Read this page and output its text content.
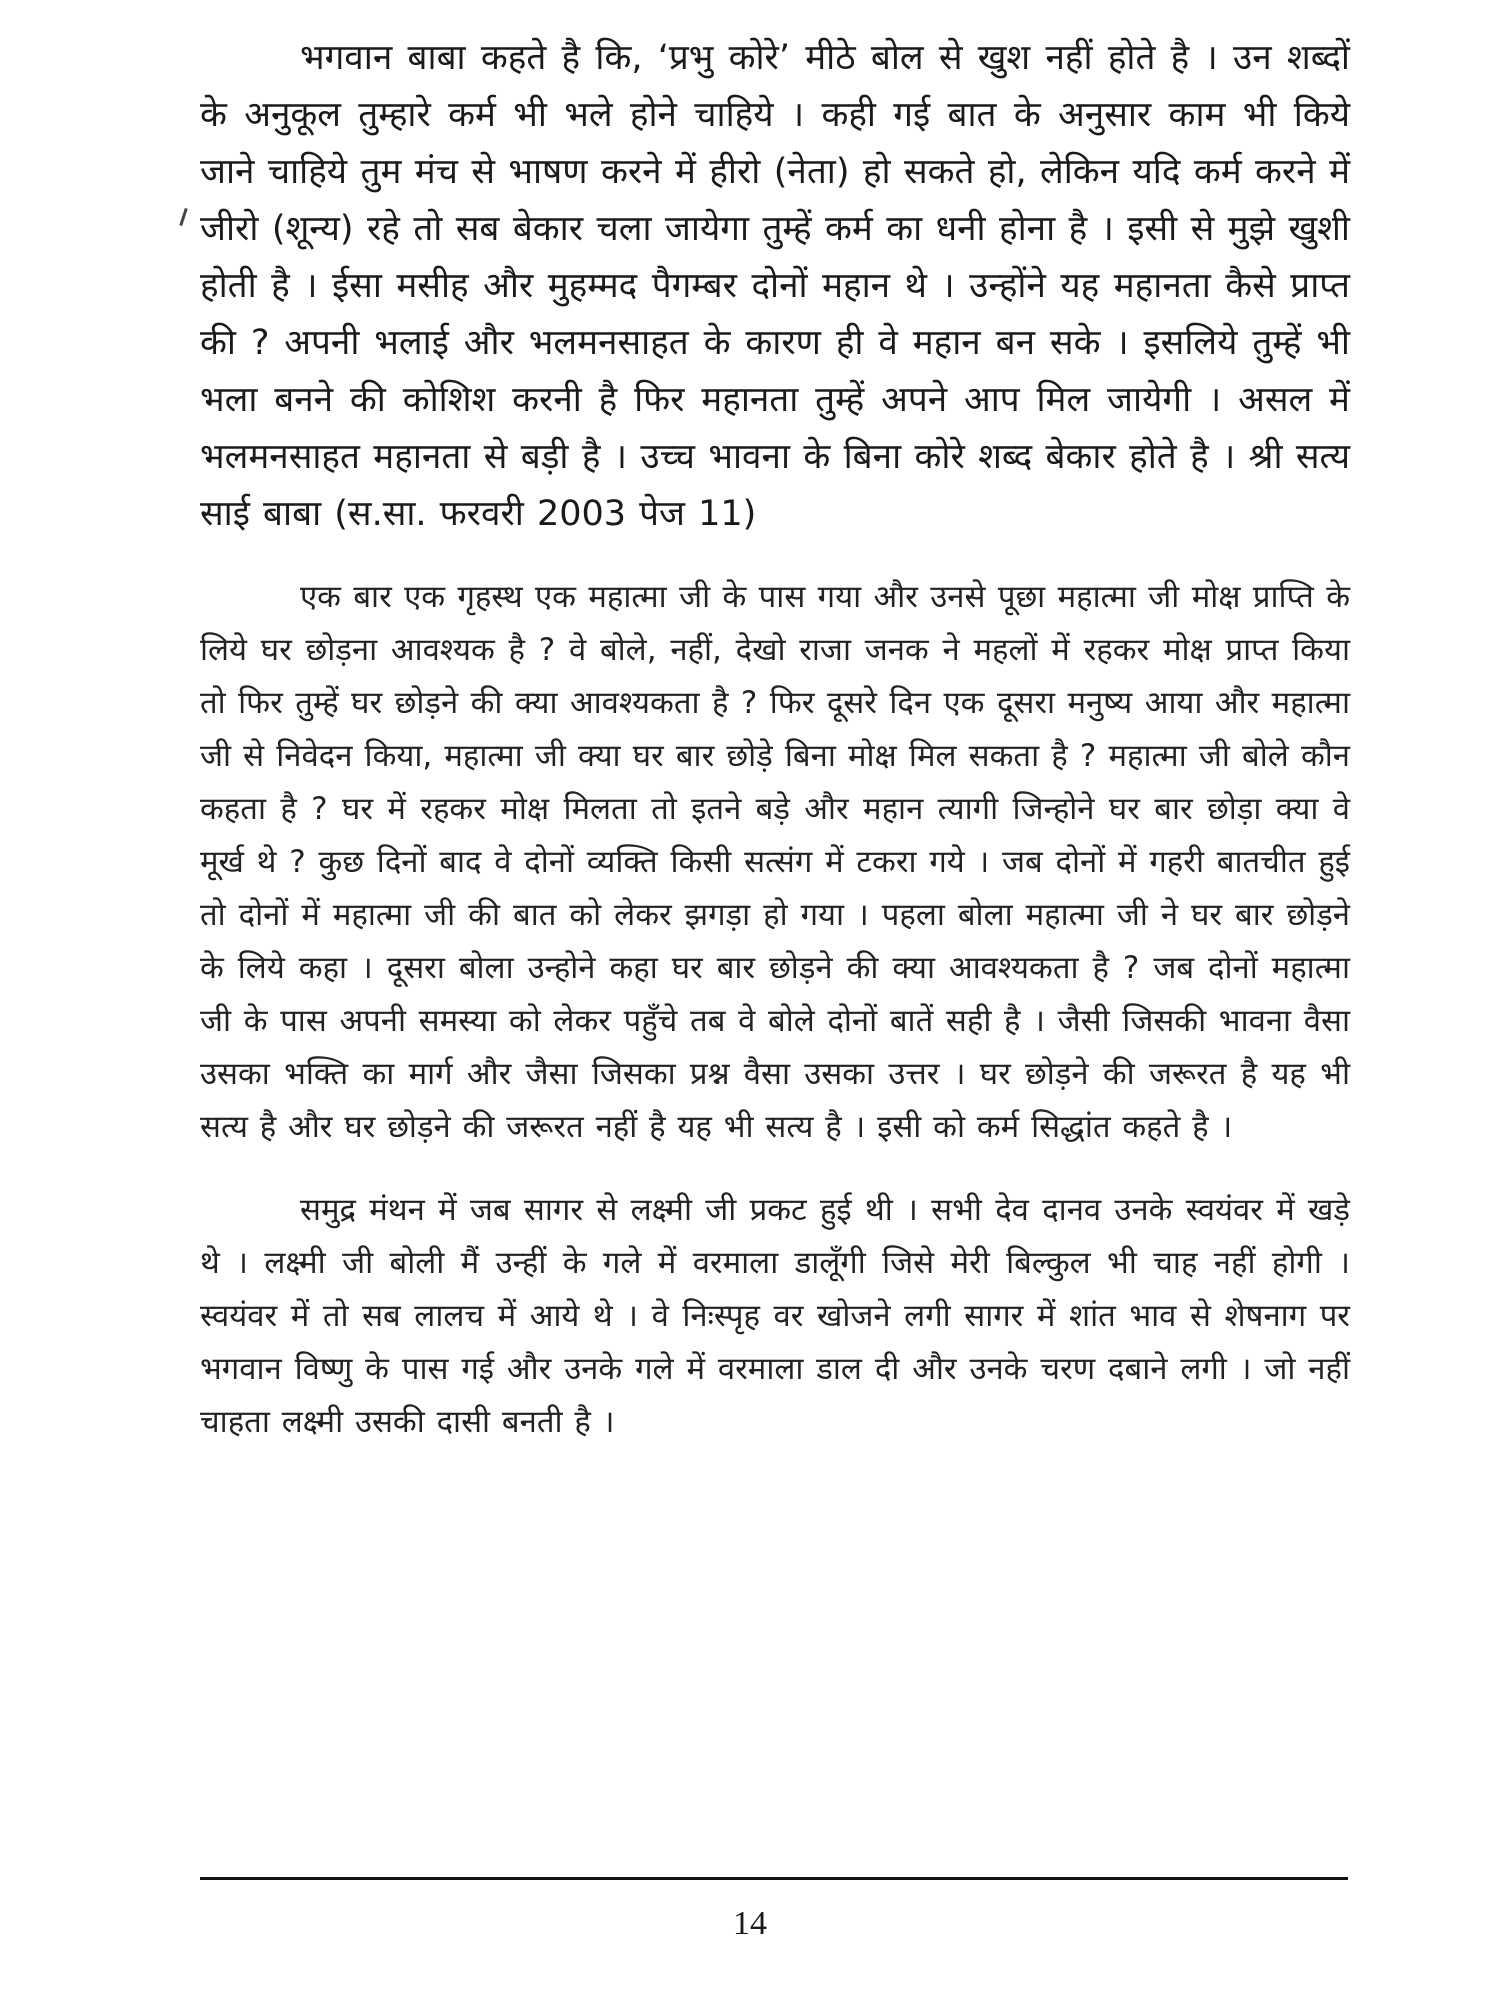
भगवान बाबा कहते है कि, ‘प्रभु कोरे’ मीठे बोल से खुश नहीं होते है । उन शब्दों के अनुकूल तुम्हारे कर्म भी भले होने चाहिये । कही गई बात के अनुसार काम भी किये जाने चाहिये तुम मंच से भाषण करने में हीरो (नेता) हो सकते हो, लेकिन यदि कर्म करने में जीरो (शून्य) रहे तो सब बेकार चला जायेगा तुम्हें कर्म का धनी होना है । इसी से मुझे खुशी होती है । ईसा मसीह और मुहम्मद पैगम्बर दोनों महान थे । उन्होंने यह महानता कैसे प्राप्त की ? अपनी भलाई और भलमनसाहत के कारण ही वे महान बन सके । इसलिये तुम्हें भी भला बनने की कोशिश करनी है फिर महानता तुम्हें अपने आप मिल जायेगी । असल में भलमनसाहत महानता से बड़ी है । उच्च भावना के बिना कोरे शब्द बेकार होते है । श्री सत्य साई बाबा (स.सा. फरवरी 2003 पेज 11)

एक बार एक गृहस्थ एक महात्मा जी के पास गया और उनसे पूछा महात्मा जी मोक्ष प्राप्ति के लिये घर छोड़ना आवश्यक है ? वे बोले, नहीं, देखो राजा जनक ने महलों में रहकर मोक्ष प्राप्त किया तो फिर तुम्हें घर छोड़ने की क्या आवश्यकता है ? फिर दूसरे दिन एक दूसरा मनुष्य आया और महात्मा जी से निवेदन किया, महात्मा जी क्या घर बार छोड़े बिना मोक्ष मिल सकता है ? महात्मा जी बोले कौन कहता है ? घर में रहकर मोक्ष मिलता तो इतने बड़े और महान त्यागी जिन्होने घर बार छोड़ा क्या वे मूर्ख थे ? कुछ दिनों बाद वे दोनों व्यक्ति किसी सत्संग में टकरा गये । जब दोनों में गहरी बातचीत हुई तो दोनों में महात्मा जी की बात को लेकर झगड़ा हो गया । पहला बोला महात्मा जी ने घर बार छोड़ने के लिये कहा । दूसरा बोला उन्होने कहा घर बार छोड़ने की क्या आवश्यकता है ? जब दोनों महात्मा जी के पास अपनी समस्या को लेकर पहुँचे तब वे बोले दोनों बातें सही है । जैसी जिसकी भावना वैसा उसका भक्ति का मार्ग और जैसा जिसका प्रश्न वैसा उसका उत्तर । घर छोड़ने की जरूरत है यह भी सत्य है और घर छोड़ने की जरूरत नहीं है यह भी सत्य है । इसी को कर्म सिद्धांत कहते है ।

समुद्र मंथन में जब सागर से लक्ष्मी जी प्रकट हुई थी । सभी देव दानव उनके स्वयंवर में खड़े थे । लक्ष्मी जी बोली मैं उन्हीं के गले में वरमाला डालूँगी जिसे मेरी बिल्कुल भी चाह नहीं होगी । स्वयंवर में तो सब लालच में आये थे । वे निःस्पृह वर खोजने लगी सागर में शांत भाव से शेषनाग पर भगवान विष्णु के पास गई और उनके गले में वरमाला डाल दी और उनके चरण दबाने लगी । जो नहीं चाहता लक्ष्मी उसकी दासी बनती है ।

14
